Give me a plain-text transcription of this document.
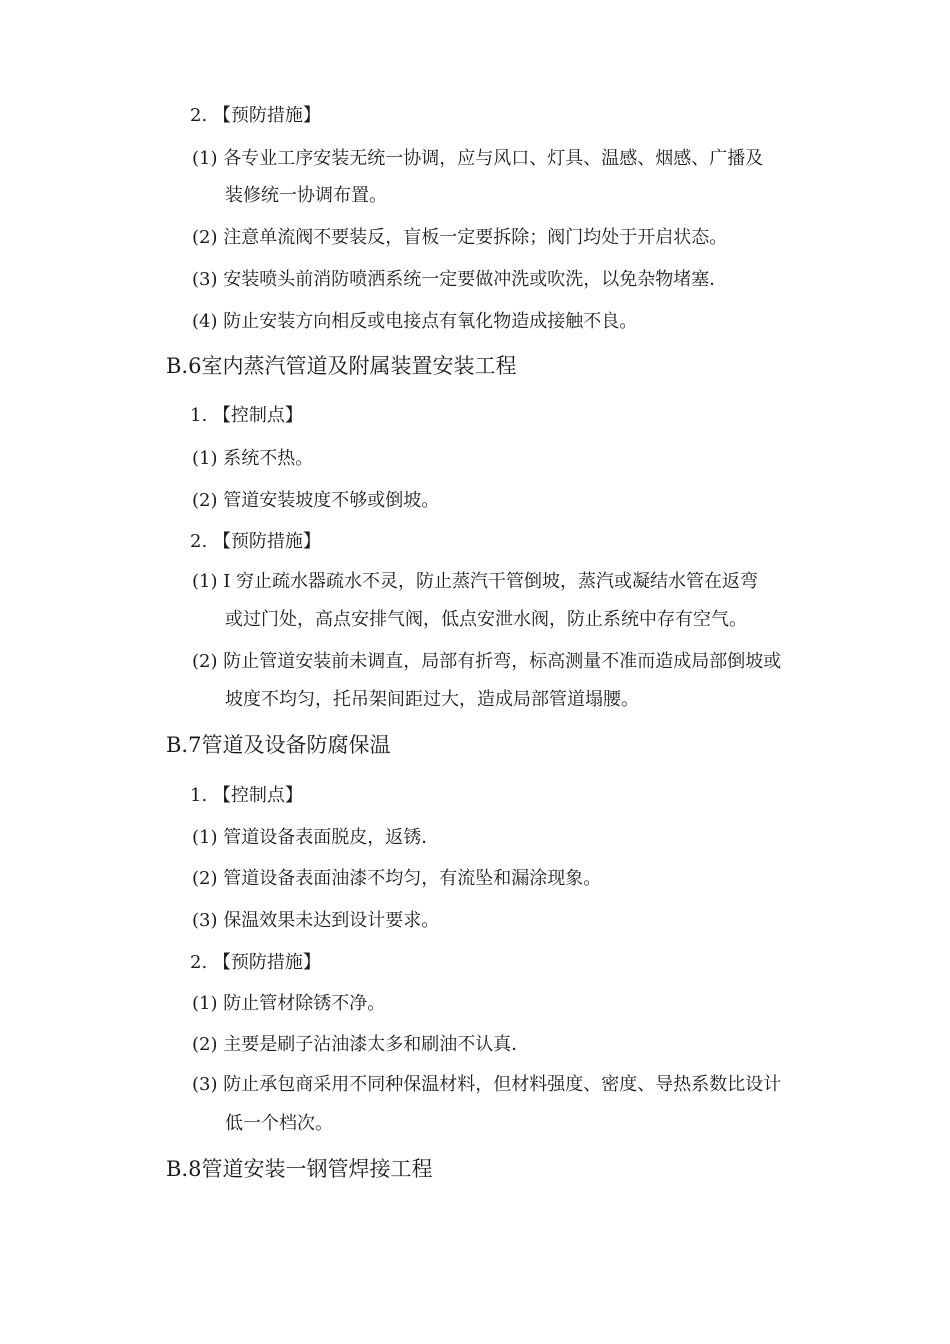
2. 【预防措施】
(1) 各专业工序安装无统一协调，应与风口、灯具、温感、烟感、广播及
装修统一协调布置。
(2) 注意单流阀不要装反，盲板一定要拆除；阀门均处于开启状态。
(3) 安装喷头前消防喷洒系统一定要做冲洗或吹洗，以免杂物堵塞．
(4) 防止安装方向相反或电接点有氧化物造成接触不良。
B.6室内蒸汽管道及附属装置安装工程
1. 【控制点】
(1) 系统不热。
(2) 管道安装坡度不够或倒坡。
2. 【预防措施】
(1) I 穷止疏水器疏水不灵，防止蒸汽干管倒坡，蒸汽或凝结水管在返弯
或过门处，高点安排气阀，低点安泄水阀，防止系统中存有空气。
(2) 防止管道安装前未调直，局部有折弯，标高测量不准而造成局部倒坡或
坡度不均匀，托吊架间距过大，造成局部管道塌腰。
B.7管道及设备防腐保温
1. 【控制点】
(1) 管道设备表面脱皮，返锈．
(2) 管道设备表面油漆不均匀，有流坠和漏涂现象。
(3) 保温效果未达到设计要求。
2. 【预防措施】
(1) 防止管材除锈不净。
(2) 主要是刷子沾油漆太多和刷油不认真．
(3) 防止承包商采用不同种保温材料，但材料强度、密度、导热系数比设计
低一个档次。
B.8管道安装一钢管焊接工程
